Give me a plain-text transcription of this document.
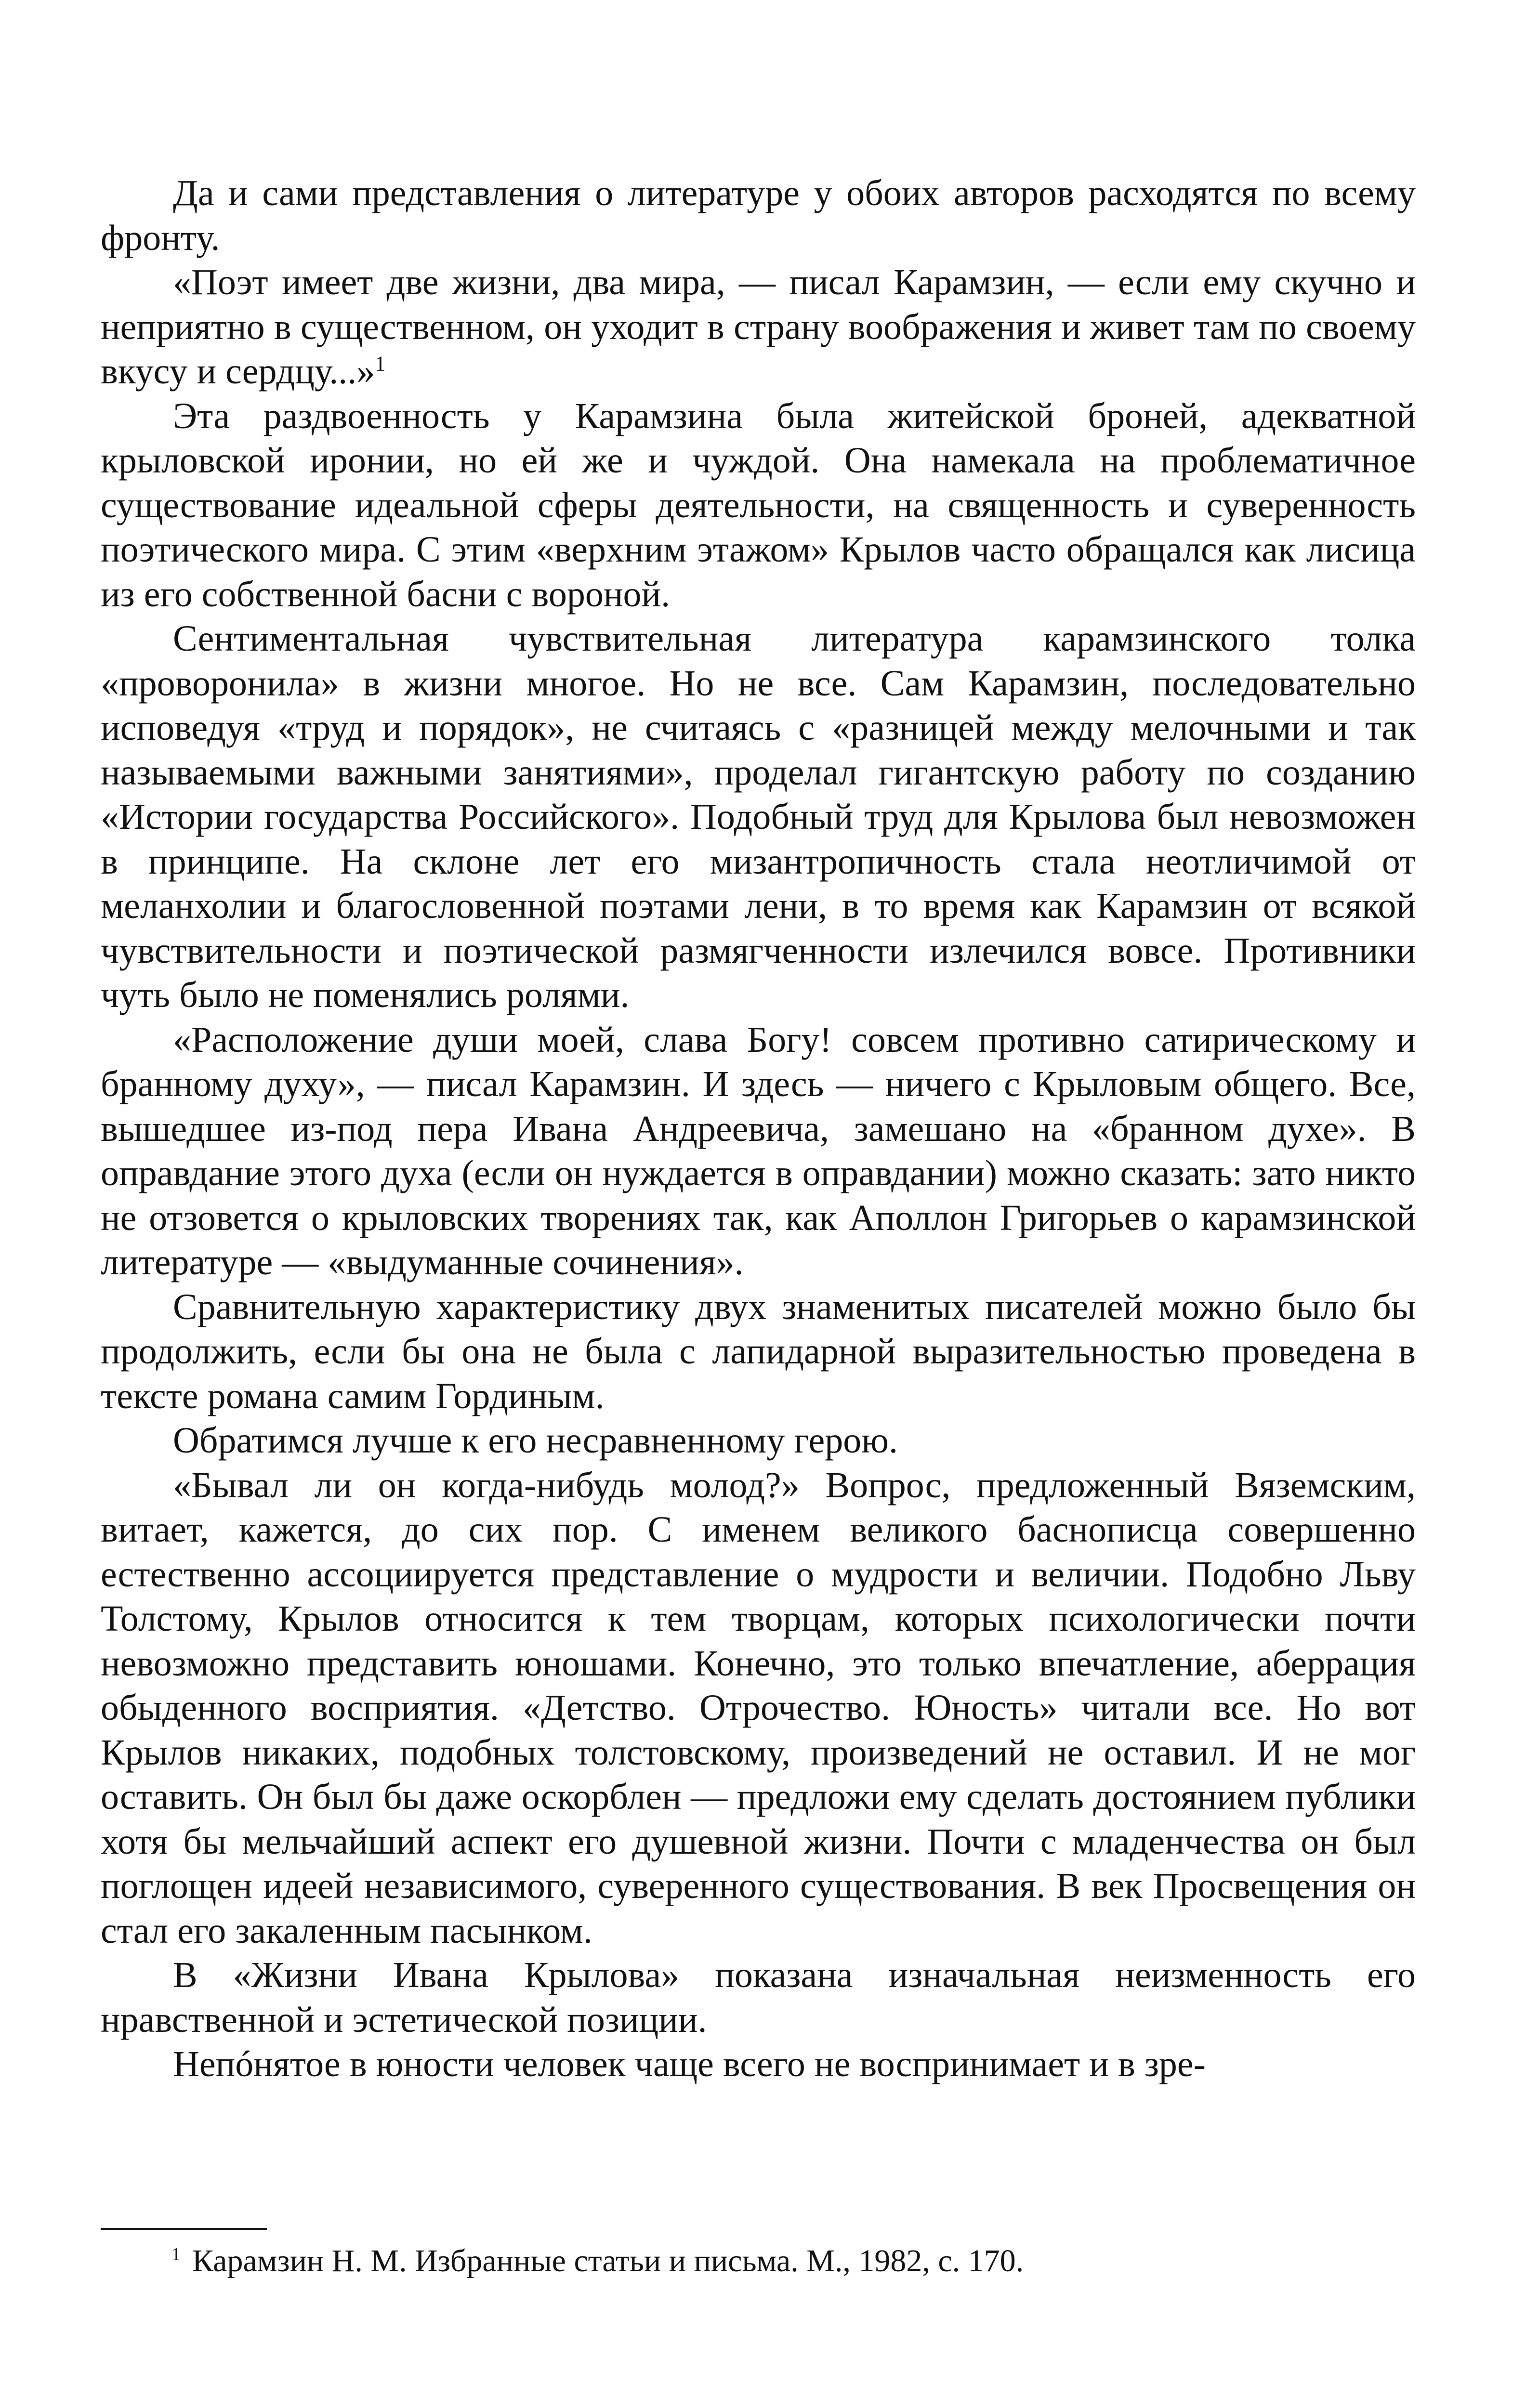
Да и сами представления о литературе у обоих авторов расходятся по всему фронту.

«Поэт имеет две жизни, два мира, — писал Карамзин, — если ему скучно и неприятно в существенном, он уходит в страну воображения и живет там по своему вкусу и сердцу...»$^1$

Эта раздвоенность у Карамзина была житейской броней, адекватной крыловской иронии, но ей же и чуждой. Она намекала на проблематичное существование идеальной сферы деятельности, на священность и суверенность поэтического мира. С этим «верхним этажом» Крылов часто обращался как лисица из его собственной басни с вороной.

Сентиментальная чувствительная литература карамзинского толка «проворонила» в жизни многое. Но не все. Сам Карамзин, последовательно исповедуя «труд и порядок», не считаясь с «разницей между мелочными и так называемыми важными занятиями», проделал гигантскую работу по созданию «Истории государства Российского». Подобный труд для Крылова был невозможен в принципе. На склоне лет его мизантропичность стала неотличимой от меланхолии и благословенной поэтами лени, в то время как Карамзин от всякой чувствительности и поэтической размягченности излечился вовсе. Противники чуть было не поменялись ролями.

«Расположение души моей, слава Богу! совсем противно сатирическому и бранному духу», — писал Карамзин. И здесь — ничего с Крыловым общего. Все, вышедшее из-под пера Ивана Андреевича, замешано на «бранном духе». В оправдание этого духа (если он нуждается в оправдании) можно сказать: зато никто не отзовется о крыловских творениях так, как Аполлон Григорьев о карамзинской литературе — «выдуманные сочинения».

Сравнительную характеристику двух знаменитых писателей можно было бы продолжить, если бы она не была с лапидарной выразительностью проведена в тексте романа самим Гординым.

Обратимся лучше к его несравненному герою.

«Бывал ли он когда-нибудь молод?» Вопрос, предложенный Вяземским, витает, кажется, до сих пор. С именем великого баснописца совершенно естественно ассоциируется представление о мудрости и величии. Подобно Льву Толстому, Крылов относится к тем творцам, которых психологически почти невозможно представить юношами. Конечно, это только впечатление, аберрация обыденного восприятия. «Детство. Отрочество. Юность» читали все. Но вот Крылов никаких, подобных толстовскому, произведений не оставил. И не мог оставить. Он был бы даже оскорблен — предложи ему сделать достоянием публики хотя бы мельчайший аспект его душевной жизни. Почти с младенчества он был поглощен идеей независимого, суверенного существования. В век Просвещения он стал его закаленным пасынком.

В «Жизни Ивана Крылова» показана изначальная неизменность его нравственной и эстетической позиции.

Непóнятое в юности человек чаще всего не воспринимает и в зре-

$^1$ Карамзин Н. М. Избранные статьи и письма. М., 1982, с. 170.
